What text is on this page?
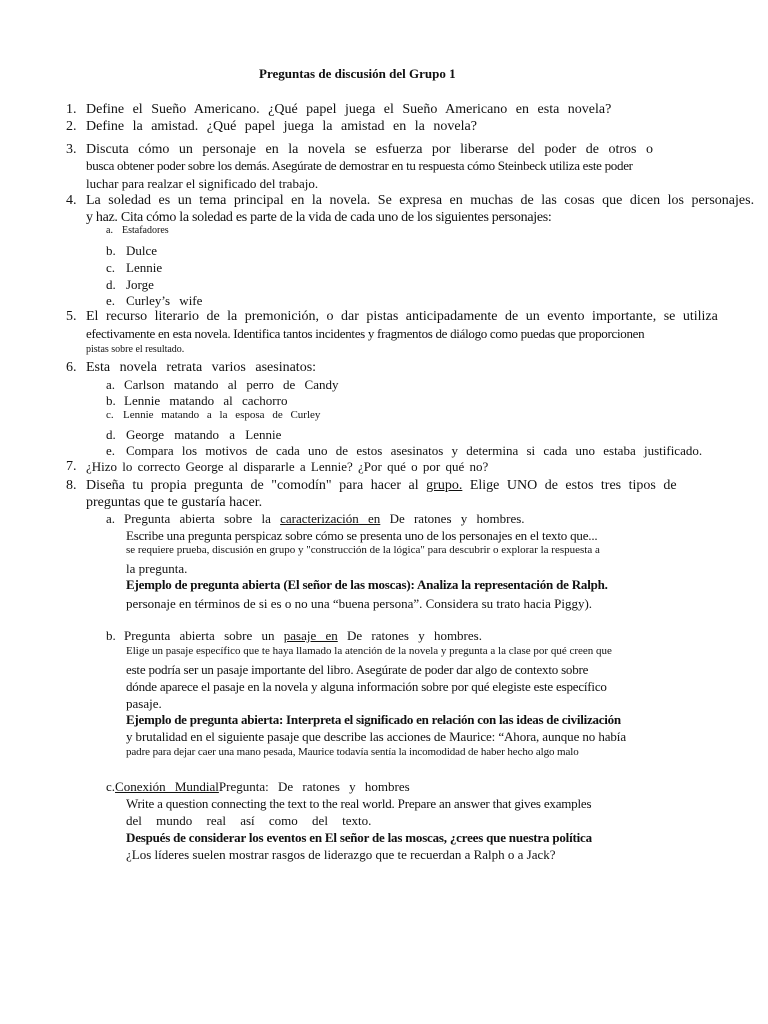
Preguntas de discusión del Grupo 1
1. Define el Sueño Americano. ¿Qué papel juega el Sueño Americano en esta novela?
2. Define la amistad. ¿Qué papel juega la amistad en la novela?
3. Discuta cómo un personaje en la novela se esfuerza por liberarse del poder de otros o
busca obtener poder sobre los demás. Asegúrate de demostrar en tu respuesta cómo Steinbeck utiliza este poder
luchar para realzar el significado del trabajo.
4. La soledad es un tema principal en la novela. Se expresa en muchas de las cosas que dicen los personajes.
y haz. Cita cómo la soledad es parte de la vida de cada uno de los siguientes personajes:
a. Estafadores
b. Dulce
c. Lennie
d. Jorge
e. Curley’s wife
5. El recurso literario de la premonición, o dar pistas anticipadamente de un evento importante, se utiliza
efectivamente en esta novela. Identifica tantos incidentes y fragmentos de diálogo como puedas que proporcionen
pistas sobre el resultado.
6. Esta novela retrata varios asesinatos:
a. Carlson matando al perro de Candy
b. Lennie matando al cachorro
c. Lennie matando a la esposa de Curley
d. George matando a Lennie
e. Compara los motivos de cada uno de estos asesinatos y determina si cada uno estaba justificado.
7. ¿Hizo lo correcto George al dispararle a Lennie? ¿Por qué o por qué no?
8. Diseña tu propia pregunta de "comodín" para hacer al grupo. Elige UNO de estos tres tipos de
preguntas que te gustaría hacer.
a. Pregunta abierta sobre la caracterización en De ratones y hombres.
Escribe una pregunta perspicaz sobre cómo se presenta uno de los personajes en el texto que...
se requiere prueba, discusión en grupo y "construcción de la lógica" para descubrir o explorar la respuesta a
la pregunta.
Ejemplo de pregunta abierta (El señor de las moscas): Analiza la representación de Ralph.
personaje en términos de si es o no una “buena persona”. Considera su trato hacia Piggy).
b. Pregunta abierta sobre un pasaje en De ratones y hombres.
Elige un pasaje específico que te haya llamado la atención de la novela y pregunta a la clase por qué creen que
este podría ser un pasaje importante del libro. Asegúrate de poder dar algo de contexto sobre
dónde aparece el pasaje en la novela y alguna información sobre por qué elegiste este específico
pasaje.
Ejemplo de pregunta abierta: Interpreta el significado en relación con las ideas de civilización
y brutalidad en el siguiente pasaje que describe las acciones de Maurice: “Ahora, aunque no había
padre para dejar caer una mano pesada, Maurice todavía sentía la incomodidad de haber hecho algo malo
c.Conexión MundialPregunta: De ratones y hombres
Write a question connecting the text to the real world. Prepare an answer that gives examples
del mundo real así como del texto.
Después de considerar los eventos en El señor de las moscas, ¿crees que nuestra política
¿Los líderes suelen mostrar rasgos de liderazgo que te recuerdan a Ralph o a Jack?
